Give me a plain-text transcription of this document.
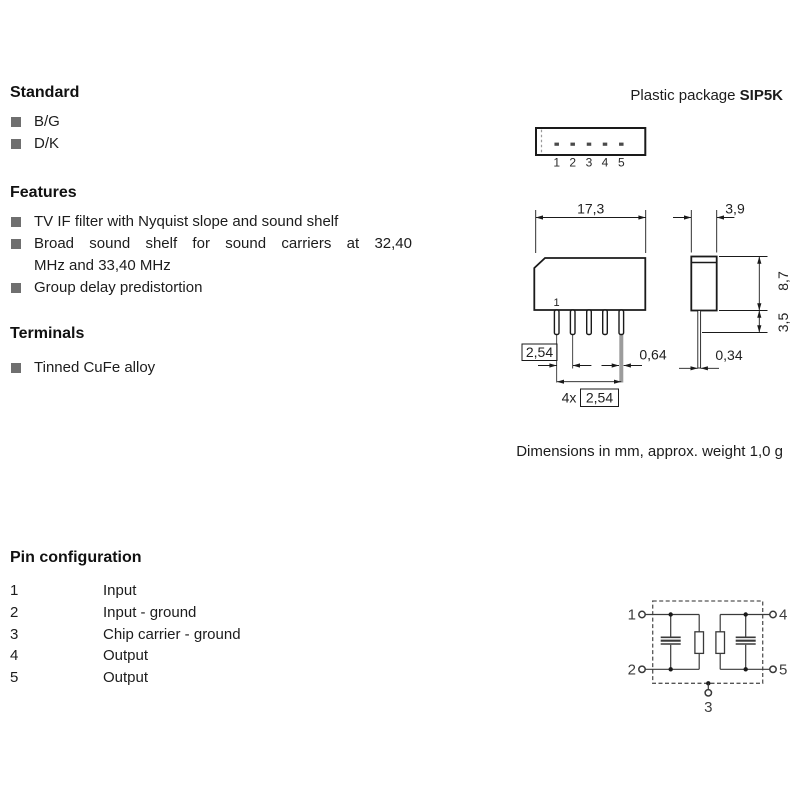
Standard
B/G
D/K
Features
TV IF filter with Nyquist slope and sound shelf
Broad sound shelf for sound carriers at 32,40
MHz and 33,40 MHz
Group delay predistortion
Terminals
Tinned CuFe alloy
Plastic package SIP5K
1 2 3 4 5
17,3
1
2,54	0,64
4x 2,54
3,9
0,34
8,7
3,5
Dimensions in mm, approx. weight 1,0 g
Pin configuration
1	Input
2	Input - ground
3	Chip carrier - ground
4	Output
5	Output
1
2
4
5
3
